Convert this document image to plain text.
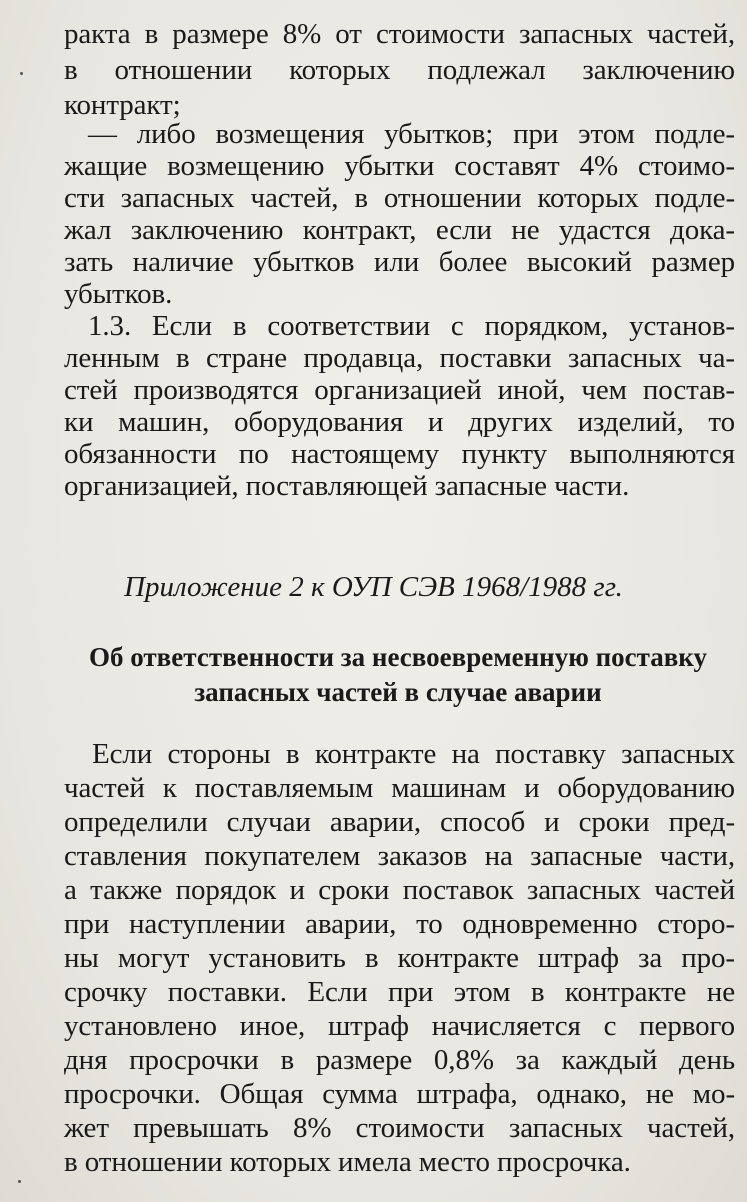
ракта в размере 8% от стоимости запасных частей,
в отношении которых подлежал заключению
контракт;
— либо возмещения убытков; при этом подле-
жащие возмещению убытки составят 4% стоимо-
сти запасных частей, в отношении которых подле-
жал заключению контракт, если не удастся дока-
зать наличие убытков или более высокий размер
убытков.
1.3. Если в соответствии с порядком, установ-
ленным в стране продавца, поставки запасных ча-
стей производятся организацией иной, чем постав-
ки машин, оборудования и других изделий, то
обязанности по настоящему пункту выполняются
организацией, поставляющей запасные части.
Приложение 2 к ОУП СЭВ 1968/1988 гг.
Об ответственности за несвоевременную поставку
запасных частей в случае аварии
Если стороны в контракте на поставку запасных
частей к поставляемым машинам и оборудованию
определили случаи аварии, способ и сроки пред-
ставления покупателем заказов на запасные части,
а также порядок и сроки поставок запасных частей
при наступлении аварии, то одновременно сторо-
ны могут установить в контракте штраф за про-
срочку поставки. Если при этом в контракте не
установлено иное, штраф начисляется с первого
дня просрочки в размере 0,8% за каждый день
просрочки. Общая сумма штрафа, однако, не мо-
жет превышать 8% стоимости запасных частей,
в отношении которых имела место просрочка.
